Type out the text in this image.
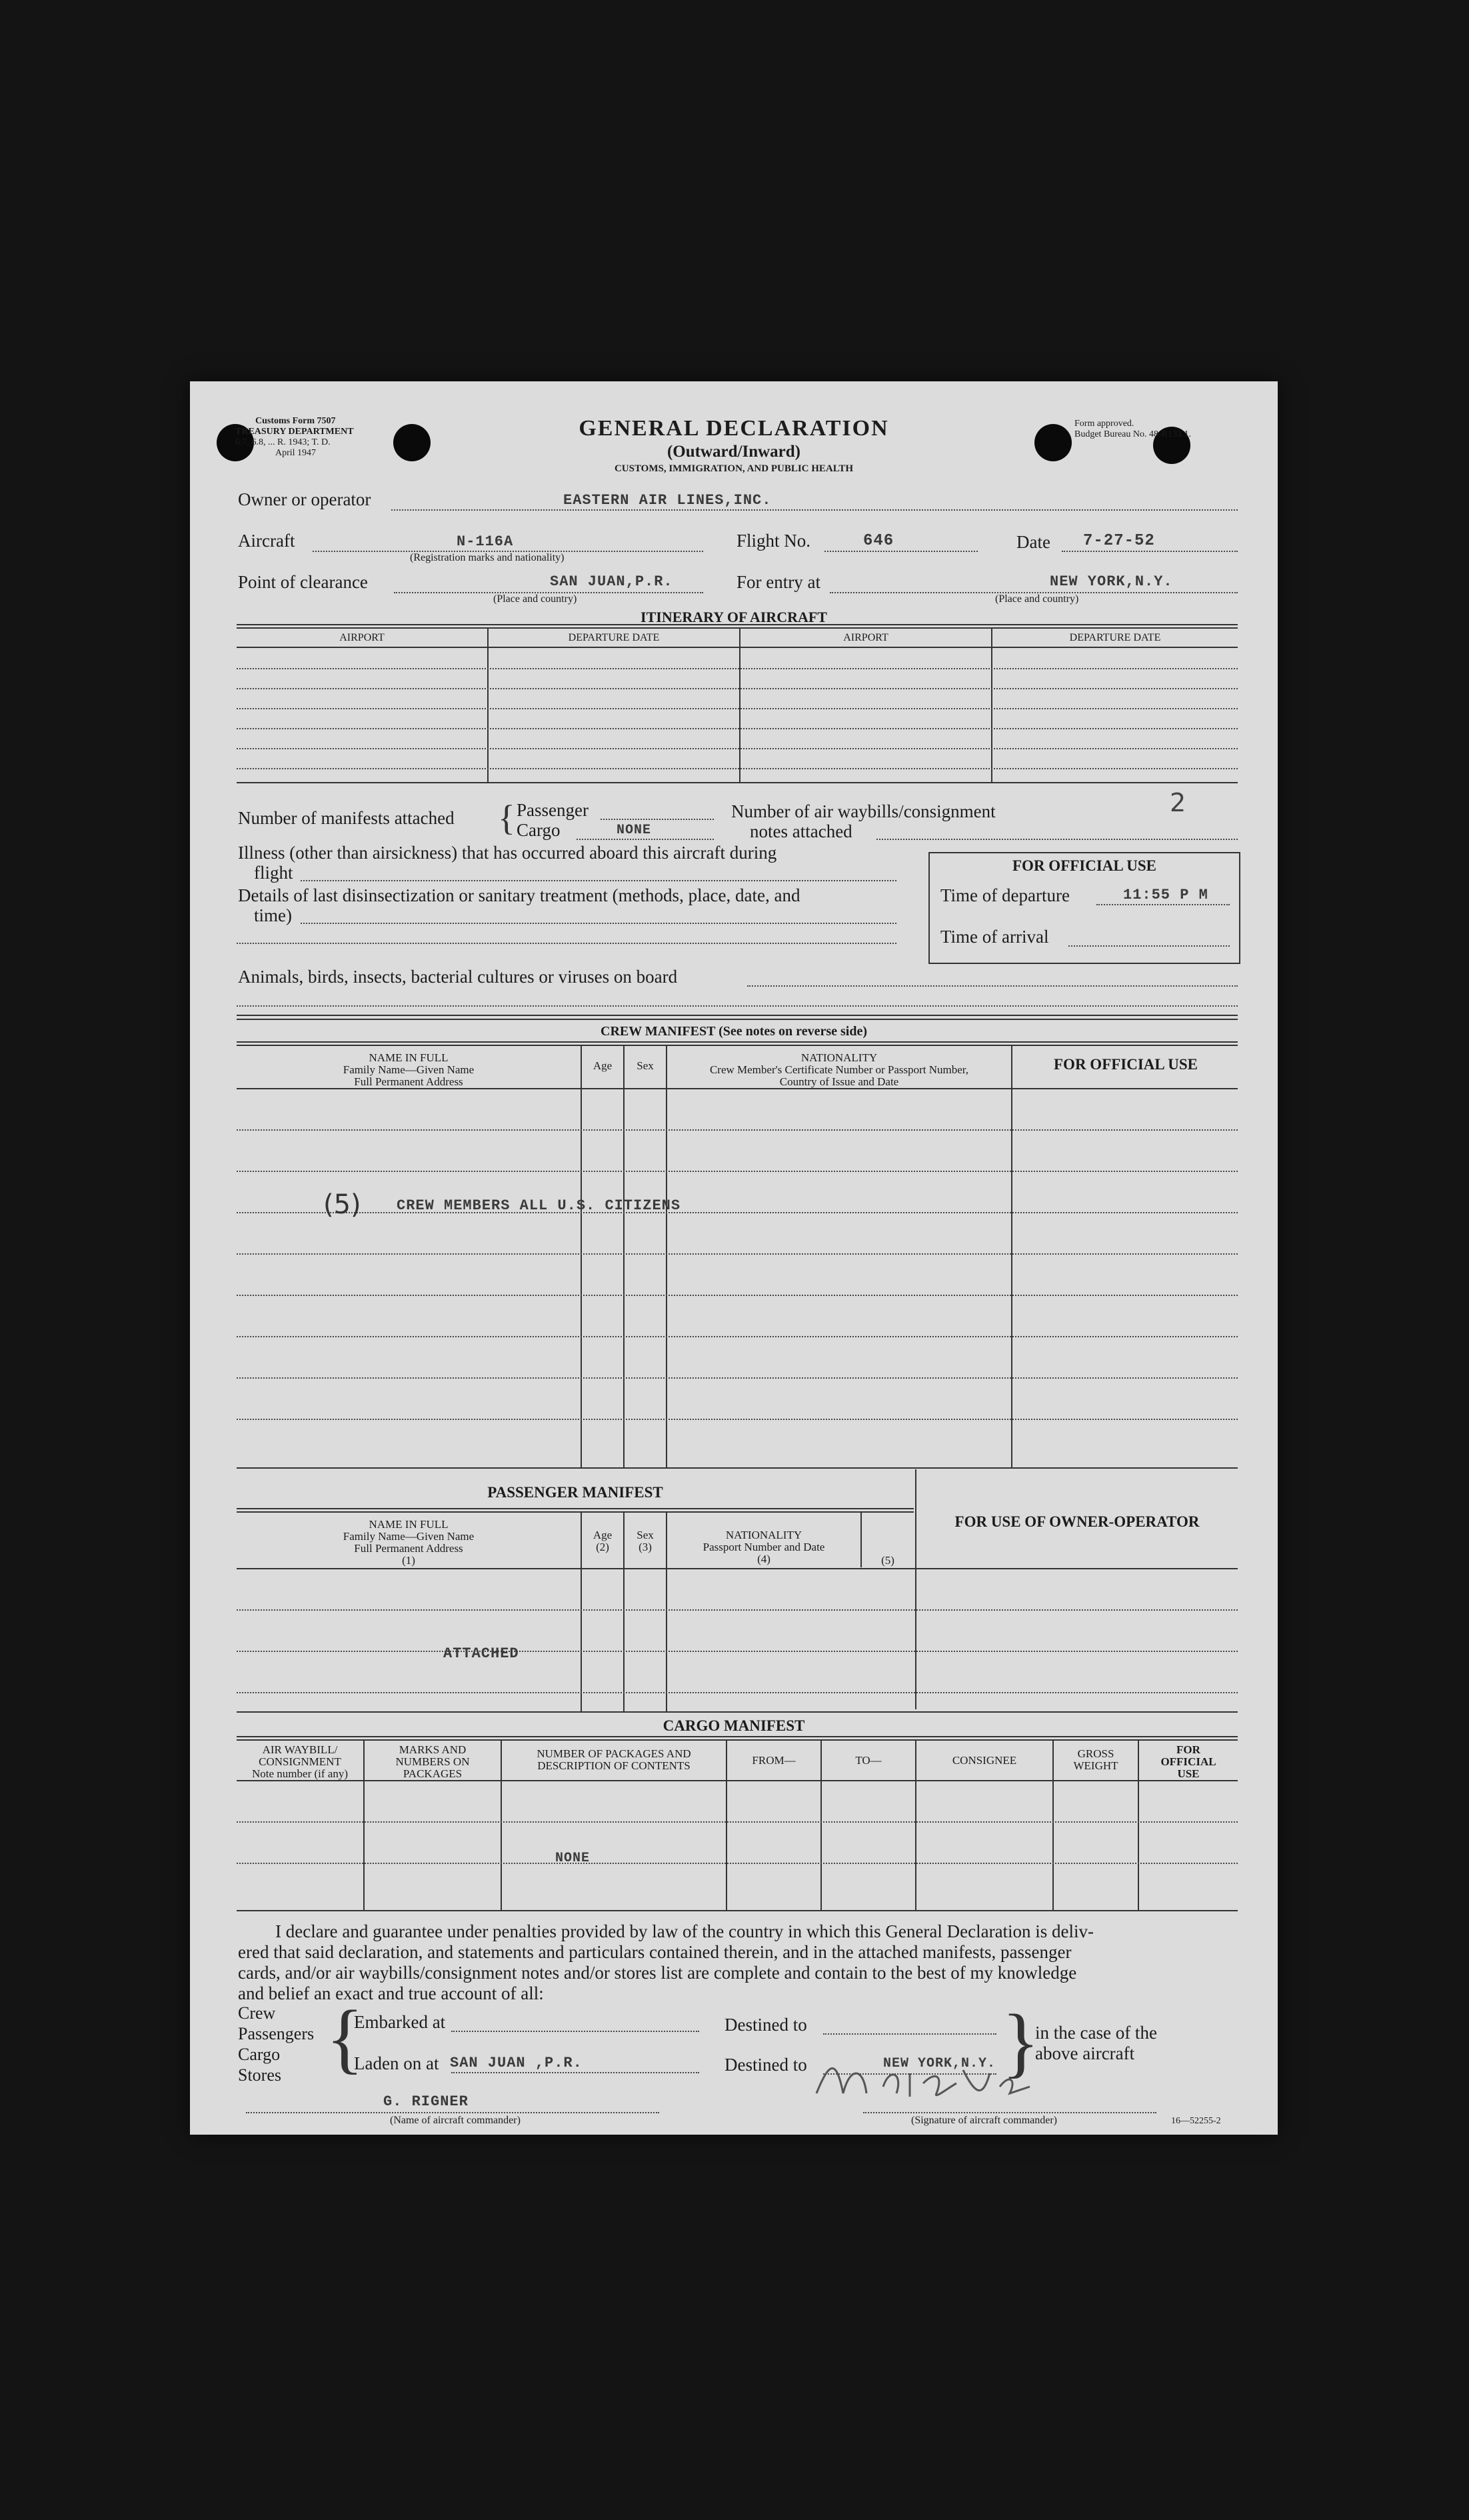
Customs Form 7507
TREASURY DEPARTMENT
6.7, 6.8, ... R. 1943; T. D.
April 1947
Form approved.
Budget Bureau No. 48-R133.1.
GENERAL DECLARATION
(Outward/Inward)
CUSTOMS, IMMIGRATION, AND PUBLIC HEALTH
Owner or operator	EASTERN AIR LINES,INC.
Aircraft	N-116A
(Registration marks and nationality)
Flight No.	646	Date 7-27-52
Point of clearance	SAN JUAN,P.R.
(Place and country)
For entry at	NEW YORK,N.Y.
(Place and country)
ITINERARY OF AIRCRAFT
AIRPORT	DEPARTURE DATE	AIRPORT	DEPARTURE DATE
Number of manifests attached { Passenger
Cargo	NONE
Number of air waybills/consignment
notes attached
2
Illness (other than airsickness) that has occurred aboard this aircraft during
flight
Details of last disinsectization or sanitary treatment (methods, place, date, and
time)
FOR OFFICIAL USE
Time of departure	11:55 P M
Time of arrival
Animals, birds, insects, bacterial cultures or viruses on board
CREW MANIFEST (See notes on reverse side)
NAME IN FULL
Family Name—Given Name
Full Permanent Address
Age	Sex
NATIONALITY
Crew Member's Certificate Number or Passport Number,
Country of Issue and Date
FOR OFFICIAL USE
(5) CREW MEMBERS ALL U.S. CITIZENS
PASSENGER MANIFEST
FOR USE OF OWNER-OPERATOR
NAME IN FULL
Family Name—Given Name
Full Permanent Address
(1)
Age
(2)
Sex
(3)
NATIONALITY
Passport Number and Date
(4)	(5)
ATTACHED
CARGO MANIFEST
AIR WAYBILL/
CONSIGNMENT
Note number (if any)
MARKS AND
NUMBERS ON
PACKAGES
NUMBER OF PACKAGES AND
DESCRIPTION OF CONTENTS	FROM—	TO—	CONSIGNEE
GROSS
WEIGHT
FOR
OFFICIAL
USE
NONE
I declare and guarantee under penalties provided by law of the country in which this General Declaration is deliv-
ered that said declaration, and statements and particulars contained therein, and in the attached manifests, passenger
cards, and/or air waybills/consignment notes and/or stores list are complete and contain to the best of my knowledge
and belief an exact and true account of all:
Crew
Passengers
Cargo
Stores {
Embarked at
Laden on at SAN JUAN ,P.R.
Destined to
Destined to	NEW YORK,N.Y. }
in the case of the
above aircraft
G. RIGNER
(Name of aircraft commander)	(Signature of aircraft commander)	16—52255-2
